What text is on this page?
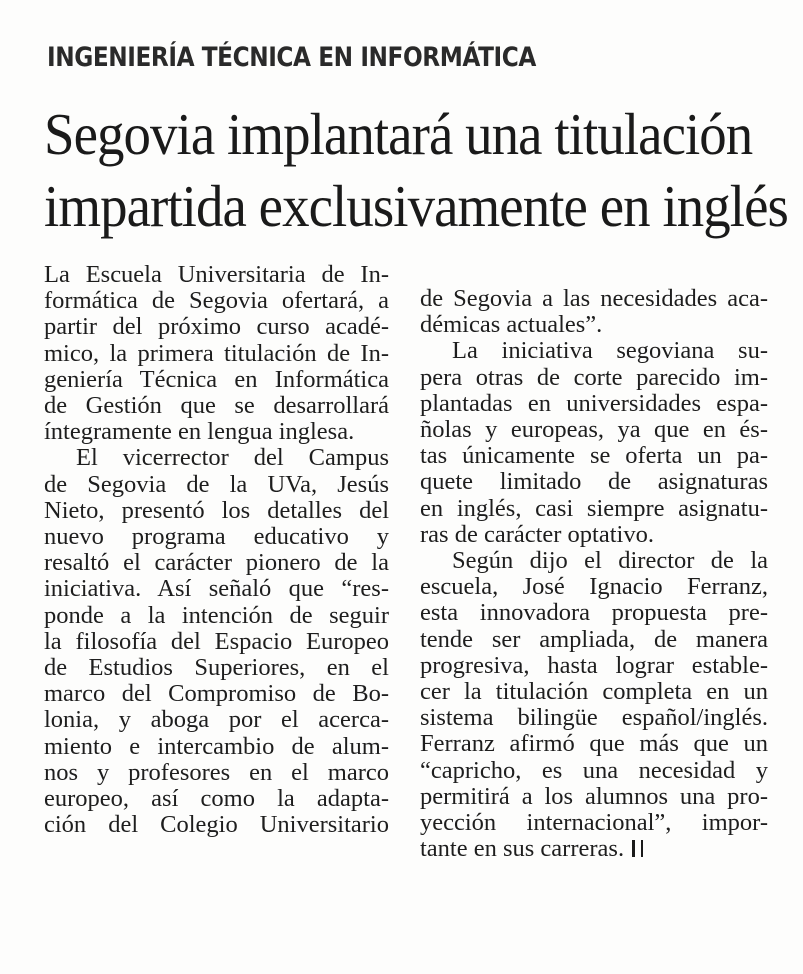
INGENIERÍA TÉCNICA EN INFORMÁTICA
Segovia implantará una titulación
impartida exclusivamente en inglés
La Escuela Universitaria de In-
formática de Segovia ofertará, a
partir del próximo curso acadé-
mico, la primera titulación de In-
geniería Técnica en Informática
de Gestión que se desarrollará
íntegramente en lengua inglesa.
El vicerrector del Campus
de Segovia de la UVa, Jesús
Nieto, presentó los detalles del
nuevo programa educativo y
resaltó el carácter pionero de la
iniciativa. Así señaló que “res-
ponde a la intención de seguir
la filosofía del Espacio Europeo
de Estudios Superiores, en el
marco del Compromiso de Bo-
lonia, y aboga por el acerca-
miento e intercambio de alum-
nos y profesores en el marco
europeo, así como la adapta-
ción del Colegio Universitario
de Segovia a las necesidades aca-
démicas actuales”.
La iniciativa segoviana su-
pera otras de corte parecido im-
plantadas en universidades espa-
ñolas y europeas, ya que en és-
tas únicamente se oferta un pa-
quete limitado de asignaturas
en inglés, casi siempre asignatu-
ras de carácter optativo.
Según dijo el director de la
escuela, José Ignacio Ferranz,
esta innovadora propuesta pre-
tende ser ampliada, de manera
progresiva, hasta lograr estable-
cer la titulación completa en un
sistema bilingüe español/inglés.
Ferranz afirmó que más que un
“capricho, es una necesidad y
permitirá a los alumnos una pro-
yección internacional”, impor-
tante en sus carreras.
